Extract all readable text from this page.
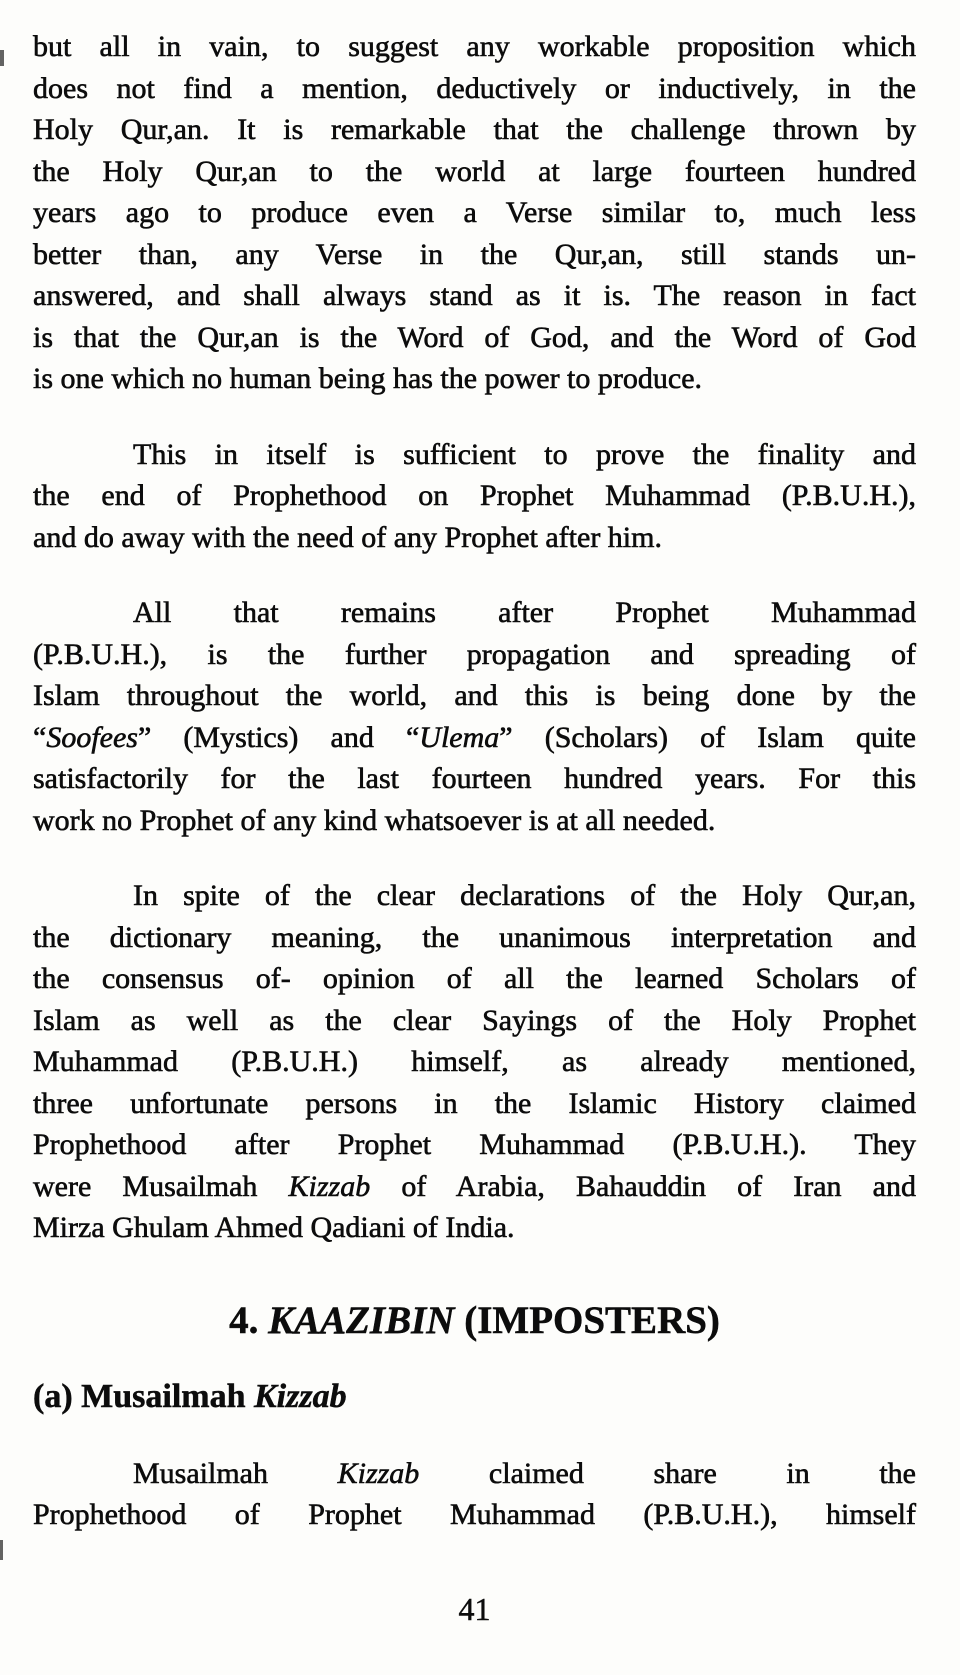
but all in vain, to suggest any workable proposition which
does not find a mention, deductively or inductively, in the
Holy Qur,an. It is remarkable that the challenge thrown by
the Holy Qur,an to the world at large fourteen hundred
years ago to produce even a Verse similar to, much less
better than, any Verse in the Qur,an, still stands un-
answered, and shall always stand as it is. The reason in fact
is that the Qur,an is the Word of God, and the Word of God
is one which no human being has the power to produce.
This in itself is sufficient to prove the finality and
the end of Prophethood on Prophet Muhammad (P.B.U.H.),
and do away with the need of any Prophet after him.
All that remains after Prophet Muhammad
(P.B.U.H.), is the further propagation and spreading of
Islam throughout the world, and this is being done by the
“Soofees” (Mystics) and “Ulema” (Scholars) of Islam quite
satisfactorily for the last fourteen hundred years. For this
work no Prophet of any kind whatsoever is at all needed.
In spite of the clear declarations of the Holy Qur,an,
the dictionary meaning, the unanimous interpretation and
the consensus of- opinion of all the learned Scholars of
Islam as well as the clear Sayings of the Holy Prophet
Muhammad (P.B.U.H.) himself, as already mentioned,
three unfortunate persons in the Islamic History claimed
Prophethood after Prophet Muhammad (P.B.U.H.). They
were Musailmah Kizzab of Arabia, Bahauddin of Iran and
Mirza Ghulam Ahmed Qadiani of India.
4. KAAZIBIN (IMPOSTERS)
(a) Musailmah Kizzab
Musailmah Kizzab claimed share in the
Prophethood of Prophet Muhammad (P.B.U.H.), himself
41
